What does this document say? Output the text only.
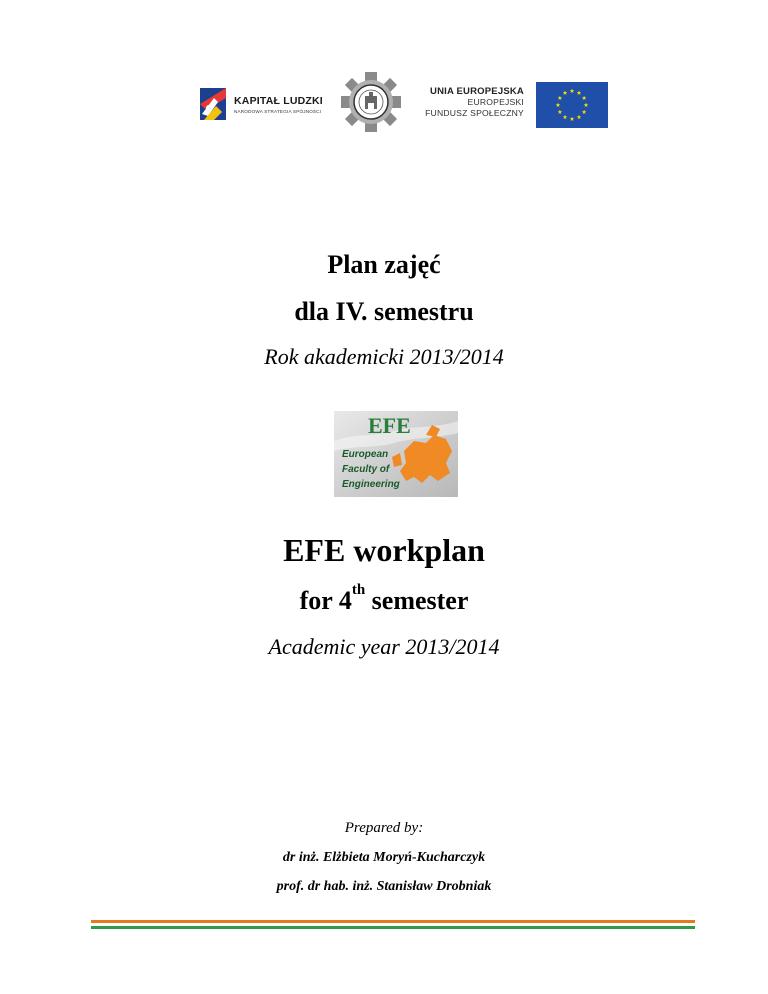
KAPITAŁ LUDZKI
NARODOWA STRATEGIA SPÓJNOŚCI
UNIA EUROPEJSKA
EUROPEJSKI
FUNDUSZ SPOŁECZNY
Plan zajęć
dla IV. semestru
Rok akademicki 2013/2014
EFE
European
Faculty of
Engineering
EFE workplan
for 4th semester
Academic year 2013/2014
Prepared by:
dr inż. Elżbieta Moryń-Kucharczyk
prof. dr hab. inż. Stanisław Drobniak
